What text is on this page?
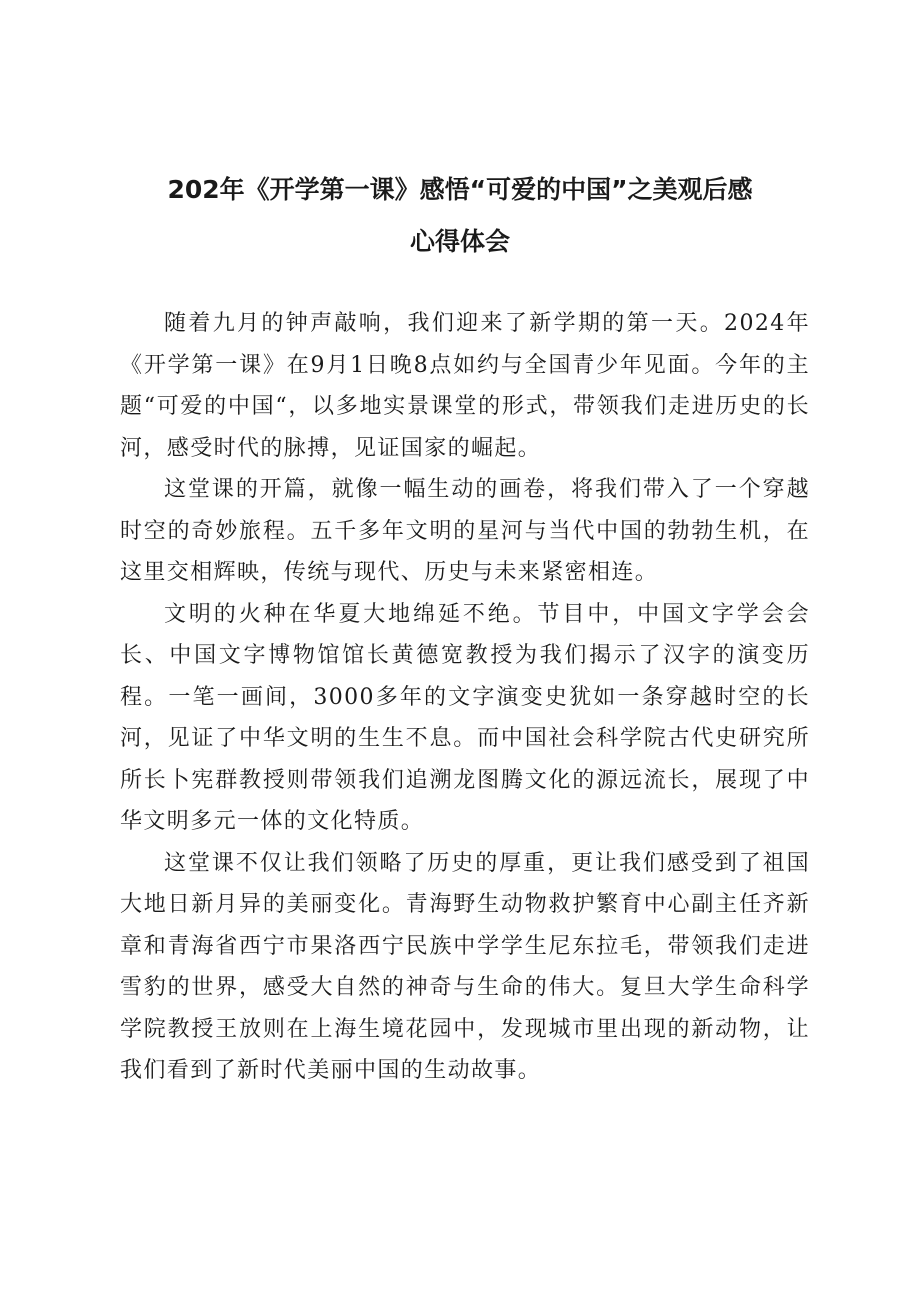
202年《开学第一课》感悟“可爱的中国”之美观后感
心得体会

随着九月的钟声敲响，我们迎来了新学期的第一天。2024年《开学第一课》在9月1日晚8点如约与全国青少年见面。今年的主题“可爱的中国“，以多地实景课堂的形式，带领我们走进历史的长河，感受时代的脉搏，见证国家的崛起。

这堂课的开篇，就像一幅生动的画卷，将我们带入了一个穿越时空的奇妙旅程。五千多年文明的星河与当代中国的勃勃生机，在这里交相辉映，传统与现代、历史与未来紧密相连。

文明的火种在华夏大地绵延不绝。节目中，中国文字学会会长、中国文字博物馆馆长黄德宽教授为我们揭示了汉字的演变历程。一笔一画间，3000多年的文字演变史犹如一条穿越时空的长河，见证了中华文明的生生不息。而中国社会科学院古代史研究所所长卜宪群教授则带领我们追溯龙图腾文化的源远流长，展现了中华文明多元一体的文化特质。

这堂课不仅让我们领略了历史的厚重，更让我们感受到了祖国大地日新月异的美丽变化。青海野生动物救护繁育中心副主任齐新章和青海省西宁市果洛西宁民族中学学生尼东拉毛，带领我们走进雪豹的世界，感受大自然的神奇与生命的伟大。复旦大学生命科学学院教授王放则在上海生境花园中，发现城市里出现的新动物，让我们看到了新时代美丽中国的生动故事。
